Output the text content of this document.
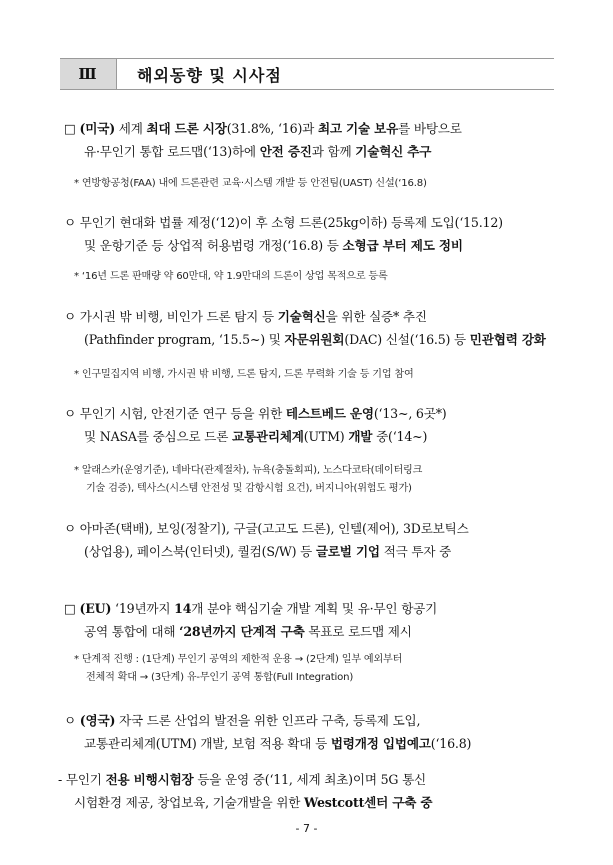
Ⅲ	해외동향 및 시사점
□ (미국) 세계 최대 드론 시장(31.8%, ‘16)과 최고 기술 보유를 바탕으로
유·무인기 통합 로드맵(‘13)하에 안전 증진과 함께 기술혁신 추구
* 연방항공청(FAA) 내에 드론관련 교육·시스템 개발 등 안전팀(UAST) 신설(‘16.8)
ㅇ 무인기 현대화 법률 제정(‘12)이 후 소형 드론(25kg이하) 등록제 도입(‘15.12)
및 운항기준 등 상업적 허용범령 개정(‘16.8) 등 소형급 부터 제도 정비
* ‘16년 드론 판매량 약 60만대, 약 1.9만대의 드론이 상업 목적으로 등록
ㅇ 가시권 밖 비행, 비인가 드론 탐지 등 기술혁신을 위한 실증* 추진
(Pathfinder program, ‘15.5~) 및 자문위원회(DAC) 신설(‘16.5) 등 민관협력 강화
* 인구밀집지역 비행, 가시권 밖 비행, 드론 탐지, 드론 무력화 기술 등 기업 참여
ㅇ 무인기 시험, 안전기준 연구 등을 위한 테스트베드 운영(‘13~, 6곳*)
및 NASA를 중심으로 드론 교통관리체계(UTM) 개발 중(‘14~)
* 알래스카(운영기준), 네바다(관제절차), 뉴욕(충돌회피), 노스다코타(데이터링크
기술 검증), 텍사스(시스템 안전성 및 감항시험 요건), 버지니아(위험도 평가)
ㅇ 아마존(택배), 보잉(정찰기), 구글(고고도 드론), 인텔(제어), 3D로보틱스
(상업용), 페이스북(인터넷), 퀄컴(S/W) 등 글로벌 기업 적극 투자 중
□ (EU) ‘19년까지 14개 분야 핵심기술 개발 계획 및 유·무인 항공기
공역 통합에 대해 ‘28년까지 단계적 구축 목표로 로드맵 제시
* 단계적 진행 : (1단계) 무인기 공역의 제한적 운용 → (2단계) 일부 예외부터
전체적 확대 → (3단계) 유-무인기 공역 통합(Full Integration)
ㅇ (영국) 자국 드론 산업의 발전을 위한 인프라 구축, 등록제 도입,
교통관리체계(UTM) 개발, 보험 적용 확대 등 법령개정 입법예고(‘16.8)
- 무인기 전용 비행시험장 등을 운영 중(‘11, 세계 최초)이며 5G 통신
시험환경 제공, 창업보육, 기술개발을 위한 Westcott센터 구축 중
- 7 -
